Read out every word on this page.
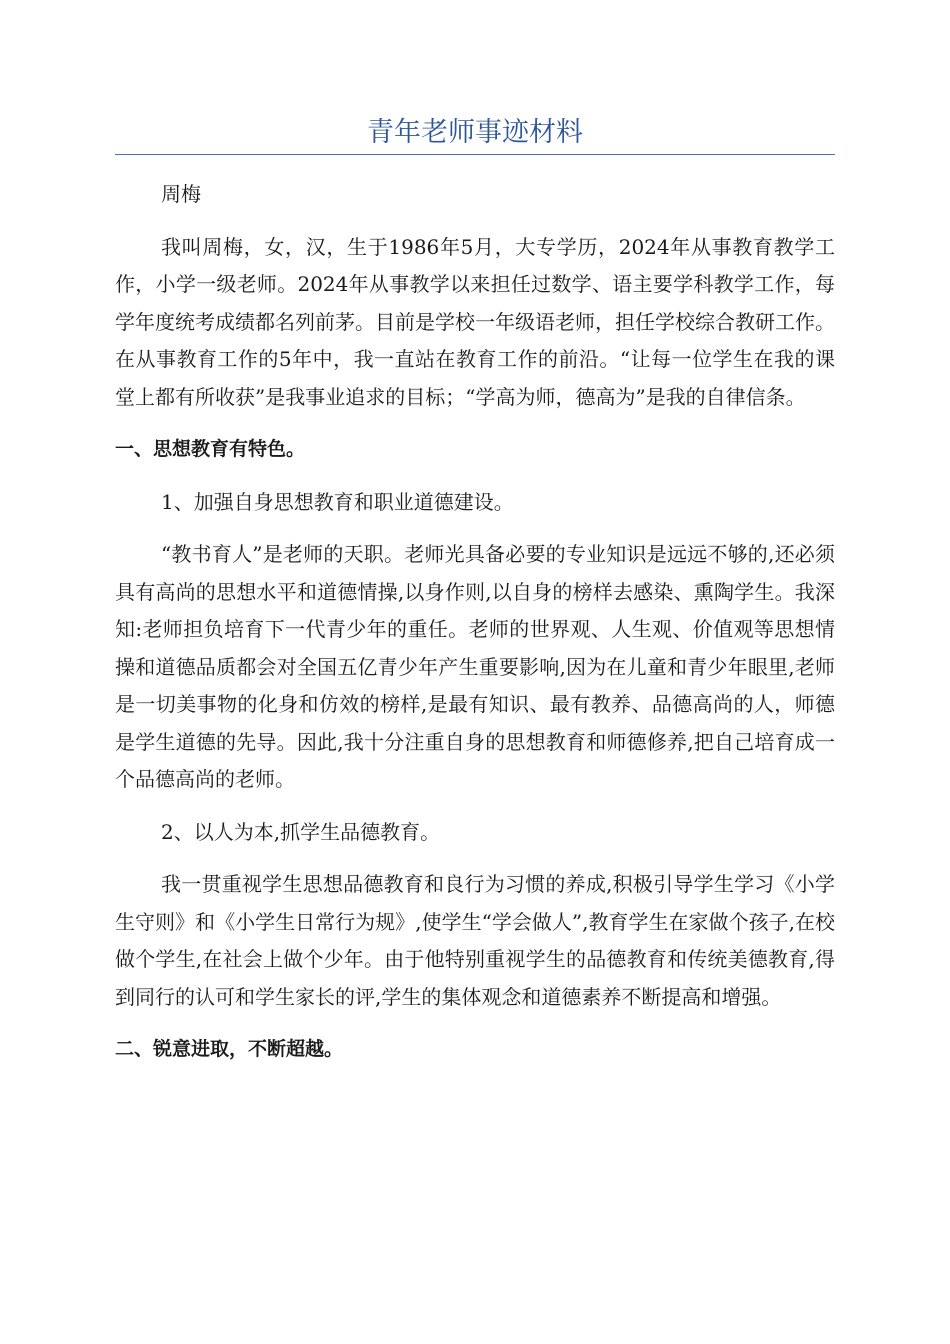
青年老师事迹材料

周梅

我叫周梅，女，汉，生于1986年5月，大专学历，2024年从事教育教学工作，小学一级老师。2024年从事教学以来担任过数学、语主要学科教学工作，每学年度统考成绩都名列前茅。目前是学校一年级语老师，担任学校综合教研工作。在从事教育工作的5年中，我一直站在教育工作的前沿。“让每一位学生在我的课堂上都有所收获”是我事业追求的目标；“学高为师，德高为”是我的自律信条。

一、思想教育有特色。

1、加强自身思想教育和职业道德建设。

“教书育人”是老师的天职。老师光具备必要的专业知识是远远不够的,还必须具有高尚的思想水平和道德情操,以身作则,以自身的榜样去感染、熏陶学生。我深知:老师担负培育下一代青少年的重任。老师的世界观、人生观、价值观等思想情操和道德品质都会对全国五亿青少年产生重要影响,因为在儿童和青少年眼里,老师是一切美事物的化身和仿效的榜样,是最有知识、最有教养、品德高尚的人，师德是学生道德的先导。因此,我十分注重自身的思想教育和师德修养,把自己培育成一个品德高尚的老师。

2、以人为本,抓学生品德教育。

我一贯重视学生思想品德教育和良行为习惯的养成,积极引导学生学习《小学生守则》和《小学生日常行为规》,使学生“学会做人”,教育学生在家做个孩子,在校做个学生,在社会上做个少年。由于他特别重视学生的品德教育和传统美德教育,得到同行的认可和学生家长的评,学生的集体观念和道德素养不断提高和增强。

二、锐意进取，不断超越。
